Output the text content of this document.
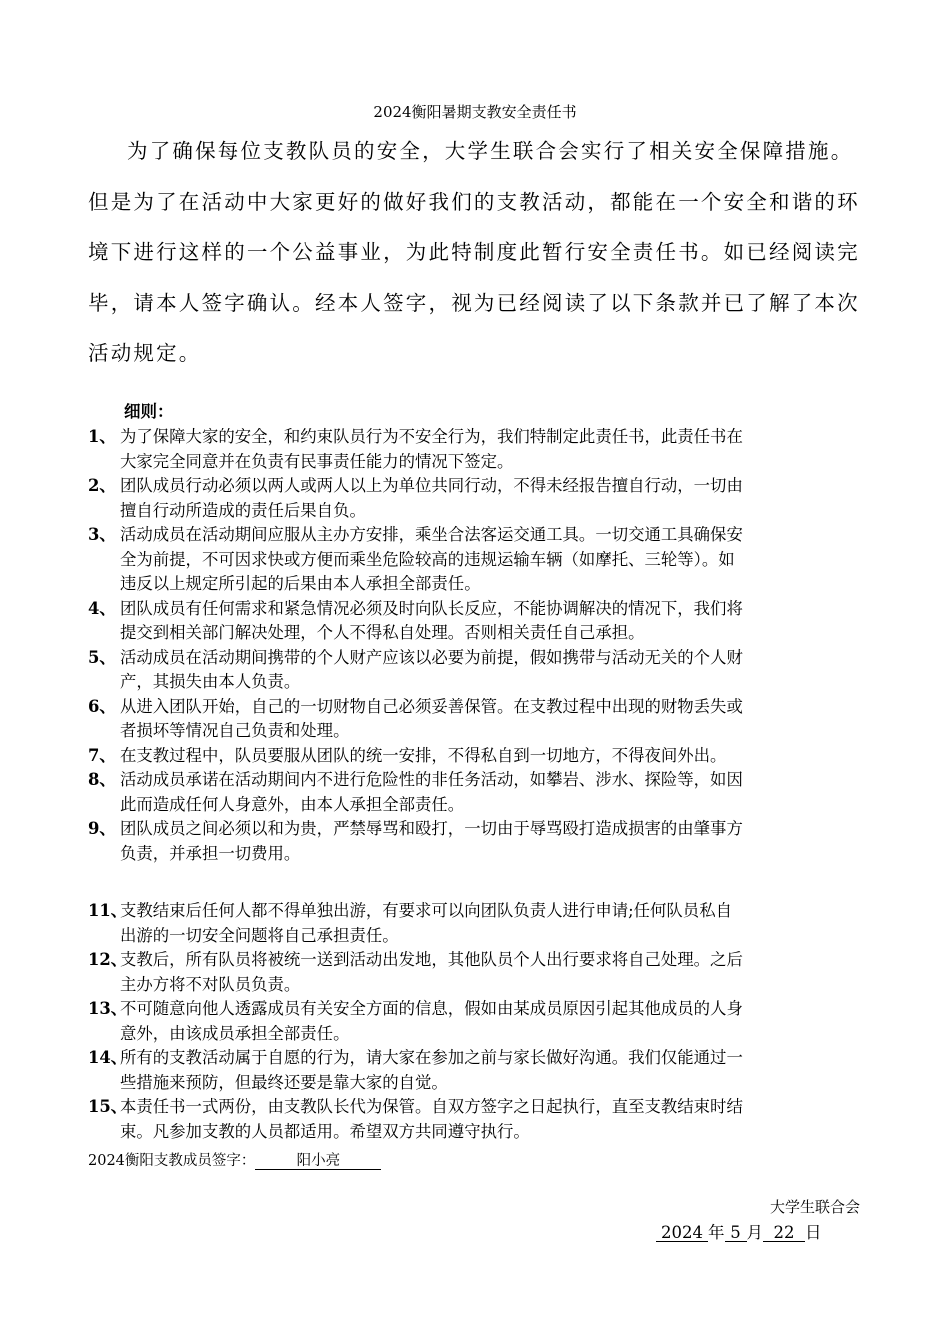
2024衡阳暑期支教安全责任书
为了确保每位支教队员的安全，大学生联合会实行了相关安全保障措施。
但是为了在活动中大家更好的做好我们的支教活动，都能在一个安全和谐的环
境下进行这样的一个公益事业，为此特制度此暂行安全责任书。如已经阅读完
毕，请本人签字确认。经本人签字，视为已经阅读了以下条款并已了解了本次
活动规定。
细则：
1、 为了保障大家的安全，和约束队员行为不安全行为，我们特制定此责任书，此责任书在
大家完全同意并在负责有民事责任能力的情况下签定。
2、 团队成员行动必须以两人或两人以上为单位共同行动，不得未经报告擅自行动，一切由
擅自行动所造成的责任后果自负。
3、 活动成员在活动期间应服从主办方安排，乘坐合法客运交通工具。一切交通工具确保安
全为前提，不可因求快或方便而乘坐危险较高的违规运输车辆（如摩托、三轮等）。如
违反以上规定所引起的后果由本人承担全部责任。
4、 团队成员有任何需求和紧急情况必须及时向队长反应，不能协调解决的情况下，我们将
提交到相关部门解决处理，个人不得私自处理。否则相关责任自己承担。
5、 活动成员在活动期间携带的个人财产应该以必要为前提，假如携带与活动无关的个人财
产，其损失由本人负责。
6、 从进入团队开始，自己的一切财物自己必须妥善保管。在支教过程中出现的财物丢失或
者损坏等情况自己负责和处理。
7、 在支教过程中，队员要服从团队的统一安排，不得私自到一切地方，不得夜间外出。
8、 活动成员承诺在活动期间内不进行危险性的非任务活动，如攀岩、涉水、探险等，如因
此而造成任何人身意外，由本人承担全部责任。
9、 团队成员之间必须以和为贵，严禁辱骂和殴打，一切由于辱骂殴打造成损害的由肇事方
负责，并承担一切费用。
11、
支教结束后任何人都不得单独出游，有要求可以向团队负责人进行申请;任何队员私自
出游的一切安全问题将自己承担责任。
12、
支教后，所有队员将被统一送到活动出发地，其他队员个人出行要求将自己处理。之后
主办方将不对队员负责。
13、
不可随意向他人透露成员有关安全方面的信息，假如由某成员原因引起其他成员的人身
意外，由该成员承担全部责任。
14、
所有的支教活动属于自愿的行为，请大家在参加之前与家长做好沟通。我们仅能通过一
些措施来预防，但最终还要是靠大家的自觉。
15、
本责任书一式两份，由支教队长代为保管。自双方签字之日起执行，直至支教结束时结
束。凡参加支教的人员都适用。希望双方共同遵守执行。
2024衡阳支教成员签字：	阳小亮
大学生联合会
2024 年 5 月 22 日
